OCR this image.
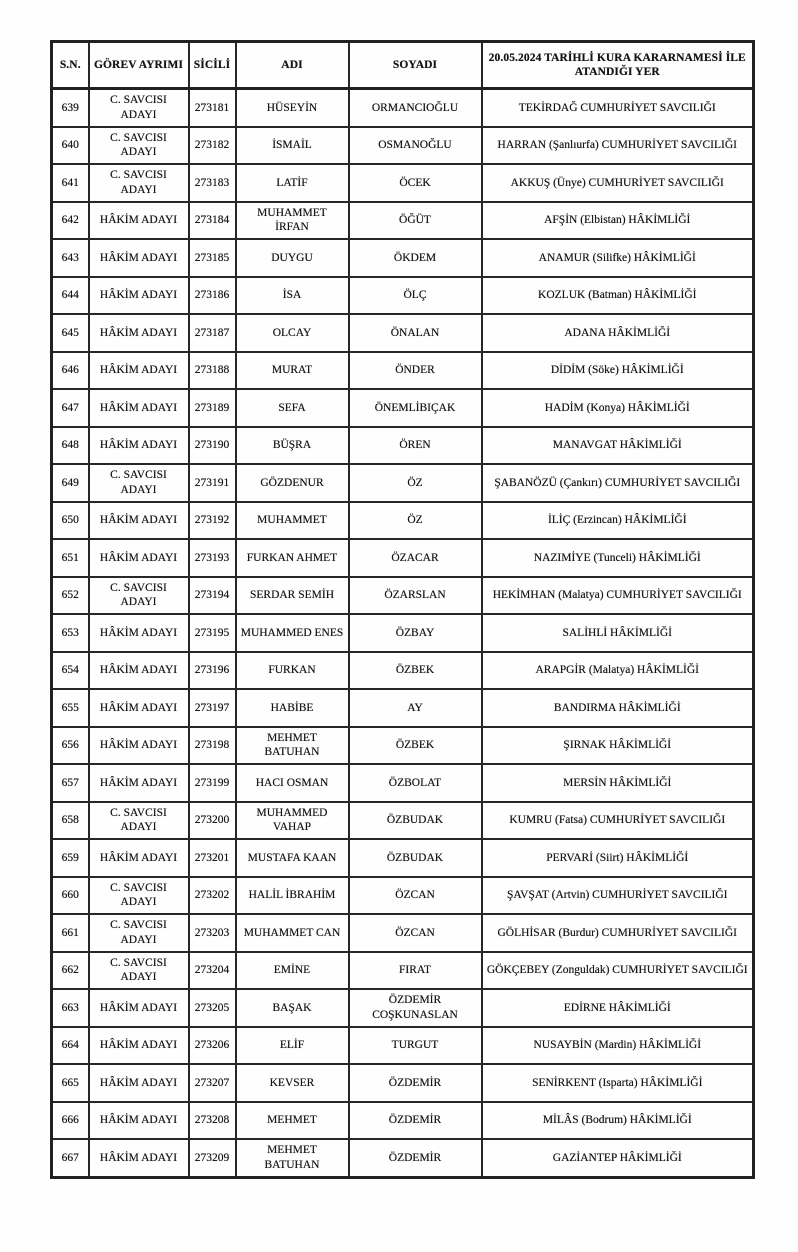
S.N.	GÖREV AYRIMI	SİCİLİ	ADI	SOYADI	20.05.2024 TARİHLİ KURA KARARNAMESİ İLE ATANDIĞI YER
639	C. SAVCISI ADAYI	273181	HÜSEYİN	ORMANCIOĞLU	TEKİRDAĞ CUMHURİYET SAVCILIĞI
640	C. SAVCISI ADAYI	273182	İSMAİL	OSMANOĞLU	HARRAN (Şanlıurfa) CUMHURİYET SAVCILIĞI
641	C. SAVCISI ADAYI	273183	LATİF	ÖCEK	AKKUŞ (Ünye) CUMHURİYET SAVCILIĞI
642	HÂKİM ADAYI	273184	MUHAMMET İRFAN	ÖĞÜT	AFŞİN (Elbistan) HÂKİMLİĞİ
643	HÂKİM ADAYI	273185	DUYGU	ÖKDEM	ANAMUR (Silifke) HÂKİMLİĞİ
644	HÂKİM ADAYI	273186	İSA	ÖLÇ	KOZLUK (Batman) HÂKİMLİĞİ
645	HÂKİM ADAYI	273187	OLCAY	ÖNALAN	ADANA HÂKİMLİĞİ
646	HÂKİM ADAYI	273188	MURAT	ÖNDER	DİDİM (Söke) HÂKİMLİĞİ
647	HÂKİM ADAYI	273189	SEFA	ÖNEMLİBIÇAK	HADİM (Konya) HÂKİMLİĞİ
648	HÂKİM ADAYI	273190	BÜŞRA	ÖREN	MANAVGAT HÂKİMLİĞİ
649	C. SAVCISI ADAYI	273191	GÖZDENUR	ÖZ	ŞABANÖZÜ (Çankırı) CUMHURİYET SAVCILIĞI
650	HÂKİM ADAYI	273192	MUHAMMET	ÖZ	İLİÇ (Erzincan) HÂKİMLİĞİ
651	HÂKİM ADAYI	273193	FURKAN AHMET	ÖZACAR	NAZIMİYE (Tunceli) HÂKİMLİĞİ
652	C. SAVCISI ADAYI	273194	SERDAR SEMİH	ÖZARSLAN	HEKİMHAN (Malatya) CUMHURİYET SAVCILIĞI
653	HÂKİM ADAYI	273195	MUHAMMED ENES	ÖZBAY	SALİHLİ HÂKİMLİĞİ
654	HÂKİM ADAYI	273196	FURKAN	ÖZBEK	ARAPGİR (Malatya) HÂKİMLİĞİ
655	HÂKİM ADAYI	273197	HABİBE	AY	BANDIRMA HÂKİMLİĞİ
656	HÂKİM ADAYI	273198	MEHMET BATUHAN	ÖZBEK	ŞIRNAK HÂKİMLİĞİ
657	HÂKİM ADAYI	273199	HACI OSMAN	ÖZBOLAT	MERSİN HÂKİMLİĞİ
658	C. SAVCISI ADAYI	273200	MUHAMMED VAHAP	ÖZBUDAK	KUMRU (Fatsa) CUMHURİYET SAVCILIĞI
659	HÂKİM ADAYI	273201	MUSTAFA KAAN	ÖZBUDAK	PERVARİ (Siirt) HÂKİMLİĞİ
660	C. SAVCISI ADAYI	273202	HALİL İBRAHİM	ÖZCAN	ŞAVŞAT (Artvin) CUMHURİYET SAVCILIĞI
661	C. SAVCISI ADAYI	273203	MUHAMMET CAN	ÖZCAN	GÖLHİSAR (Burdur) CUMHURİYET SAVCILIĞI
662	C. SAVCISI ADAYI	273204	EMİNE	FIRAT	GÖKÇEBEY (Zonguldak) CUMHURİYET SAVCILIĞI
663	HÂKİM ADAYI	273205	BAŞAK	ÖZDEMİR COŞKUNASLAN	EDİRNE HÂKİMLİĞİ
664	HÂKİM ADAYI	273206	ELİF	TURGUT	NUSAYBİN (Mardin) HÂKİMLİĞİ
665	HÂKİM ADAYI	273207	KEVSER	ÖZDEMİR	SENİRKENT (Isparta) HÂKİMLİĞİ
666	HÂKİM ADAYI	273208	MEHMET	ÖZDEMİR	MİLÂS (Bodrum) HÂKİMLİĞİ
667	HÂKİM ADAYI	273209	MEHMET BATUHAN	ÖZDEMİR	GAZİANTEP HÂKİMLİĞİ
···
